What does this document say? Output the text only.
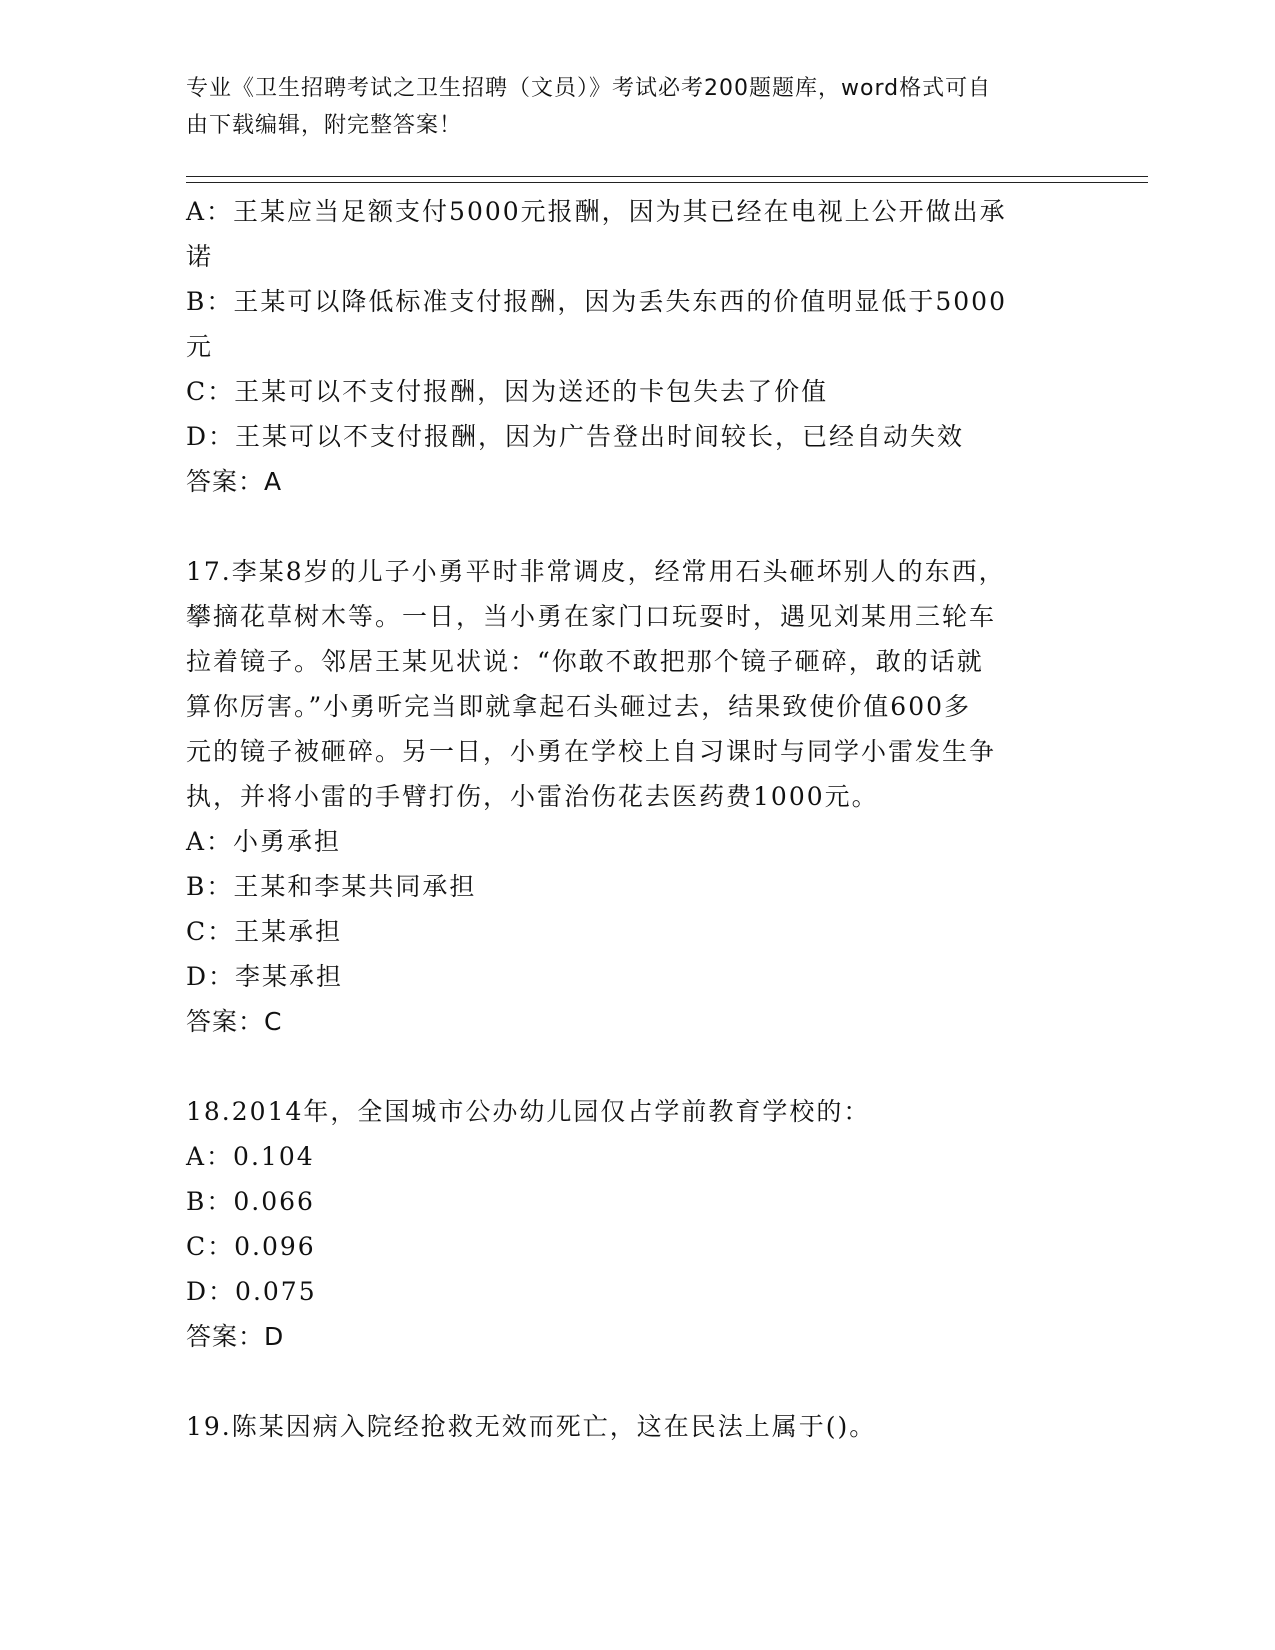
专业《卫生招聘考试之卫生招聘（文员）》考试必考200题题库，word格式可自
由下载编辑，附完整答案！
A：王某应当足额支付5000元报酬，因为其已经在电视上公开做出承
诺
B：王某可以降低标准支付报酬，因为丢失东西的价值明显低于5000
元
C：王某可以不支付报酬，因为送还的卡包失去了价值
D：王某可以不支付报酬，因为广告登出时间较长，已经自动失效
答案：A
17.李某8岁的儿子小勇平时非常调皮，经常用石头砸坏别人的东西，
攀摘花草树木等。一日，当小勇在家门口玩耍时，遇见刘某用三轮车
拉着镜子。邻居王某见状说：“你敢不敢把那个镜子砸碎，敢的话就
算你厉害。”小勇听完当即就拿起石头砸过去，结果致使价值600多
元的镜子被砸碎。另一日，小勇在学校上自习课时与同学小雷发生争
执，并将小雷的手臂打伤，小雷治伤花去医药费1000元。
A：小勇承担
B：王某和李某共同承担
C：王某承担
D：李某承担
答案：C
18.2014年，全国城市公办幼儿园仅占学前教育学校的：
A：0.104
B：0.066
C：0.096
D：0.075
答案：D
19.陈某因病入院经抢救无效而死亡，这在民法上属于()。
